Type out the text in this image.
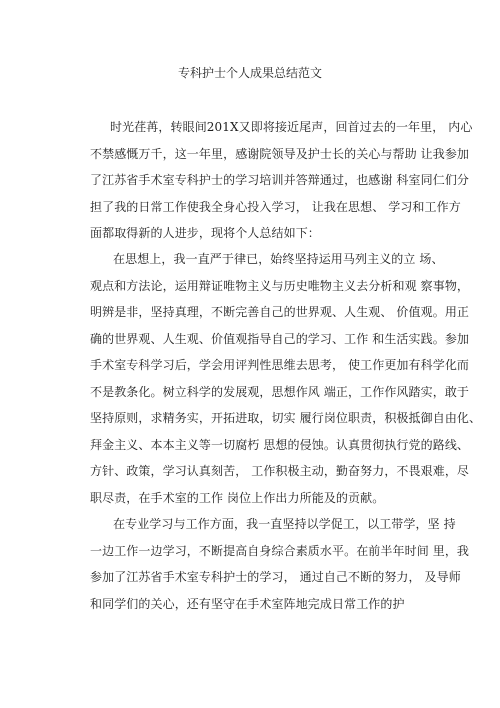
专科护士个人成果总结范文
时光荏苒，转眼间201X又即将接近尾声，回首过去的一年里， 内心
不禁感慨万千，这一年里，感谢院领导及护士长的关心与帮助 让我参加
了江苏省手术室专科护士的学习培训并答辩通过，也感谢 科室同仁们分
担了我的日常工作使我全身心投入学习， 让我在思想、 学习和工作方
面都取得新的人进步，现将个人总结如下：
在思想上，我一直严于律已，始终坚持运用马列主义的立 场、
观点和方法论，运用辩证唯物主义与历史唯物主义去分析和观 察事物，
明辨是非，坚持真理，不断完善自己的世界观、人生观、 价值观。用正
确的世界观、人生观、价值观指导自己的学习、工作 和生活实践。参加
手术室专科学习后，学会用评判性思维去思考， 使工作更加有科学化而
不是教条化。树立科学的发展观，思想作风 端正，工作作风踏实，敢于
坚持原则，求精务实，开拓进取，切实 履行岗位职责，积极抵御自由化、
拜金主义、本本主义等一切腐朽 思想的侵蚀。认真贯彻执行党的路线、
方针、政策，学习认真刻苦， 工作积极主动，勤奋努力，不畏艰难，尽
职尽责，在手术室的工作 岗位上作出力所能及的贡献。
在专业学习与工作方面，我一直坚持以学促工，以工带学，坚 持
一边工作一边学习，不断提高自身综合素质水平。在前半年时间 里，我
参加了江苏省手术室专科护士的学习， 通过自己不断的努力， 及导师
和同学们的关心，还有坚守在手术室阵地完成日常工作的护
